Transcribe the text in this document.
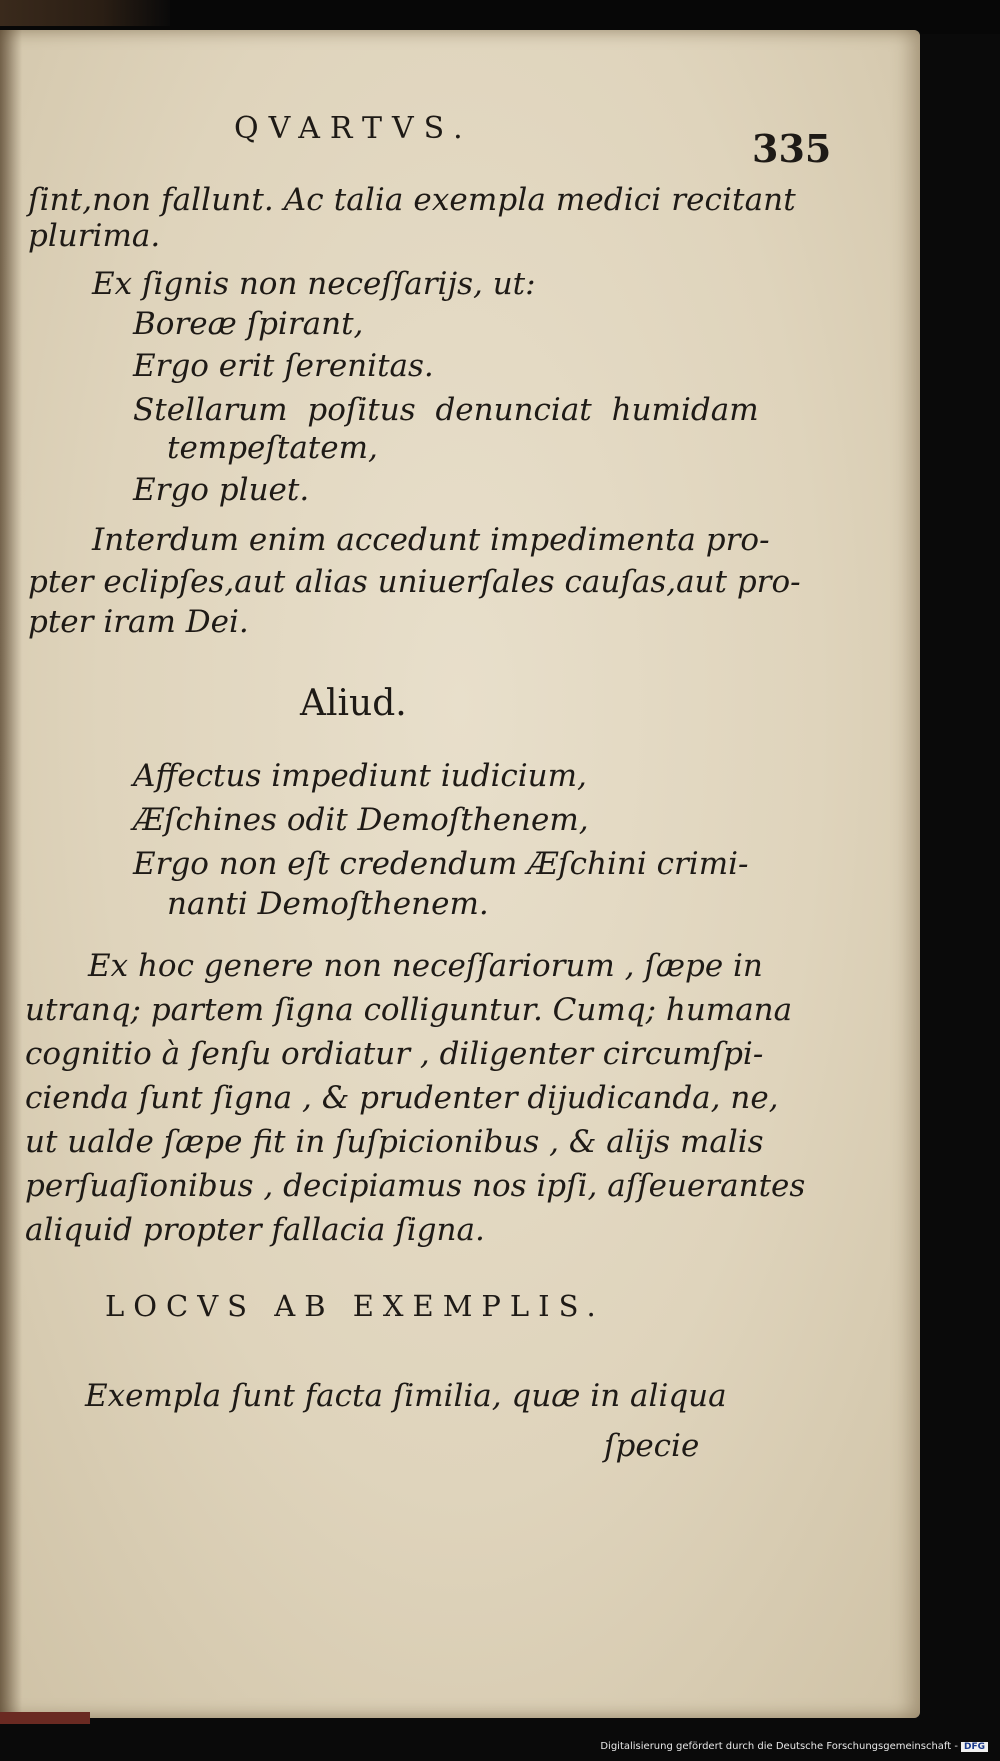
QVARTVS.	335
ſint,non fallunt. Ac talia exempla medici recitant
plurima.
Ex ſignis non neceſſarijs, ut:
Boreæ ſpirant,
Ergo erit ſerenitas.
Stellarum poſitus denunciat humidam
tempeſtatem,
Ergo pluet.
Interdum enim accedunt impedimenta pro-
pter eclipſes,aut alias uniuerſales cauſas,aut pro-
pter iram Dei.
Aliud.
Affectus impediunt iudicium,
Æſchines odit Demoſthenem,
Ergo non eſt credendum Æſchini crimi-
nanti Demoſthenem.
Ex hoc genere non neceſſariorum , ſæpe in
utranq; partem ſigna colliguntur. Cumq; humana
cognitio à ſenſu ordiatur , diligenter circumſpi-
cienda ſunt ſigna , & prudenter dijudicanda, ne,
ut ualde ſæpe fit in ſuſpicionibus , & alijs malis
perſuaſionibus , decipiamus nos ipſi, aſſeuerantes
aliquid propter fallacia ſigna.
LOCVS AB EXEMPLIS.
Exempla ſunt facta ſimilia, quæ in aliqua
ſpecie
Digitalisierung gefördert durch die Deutsche Forschungsgemeinschaft - DFG
